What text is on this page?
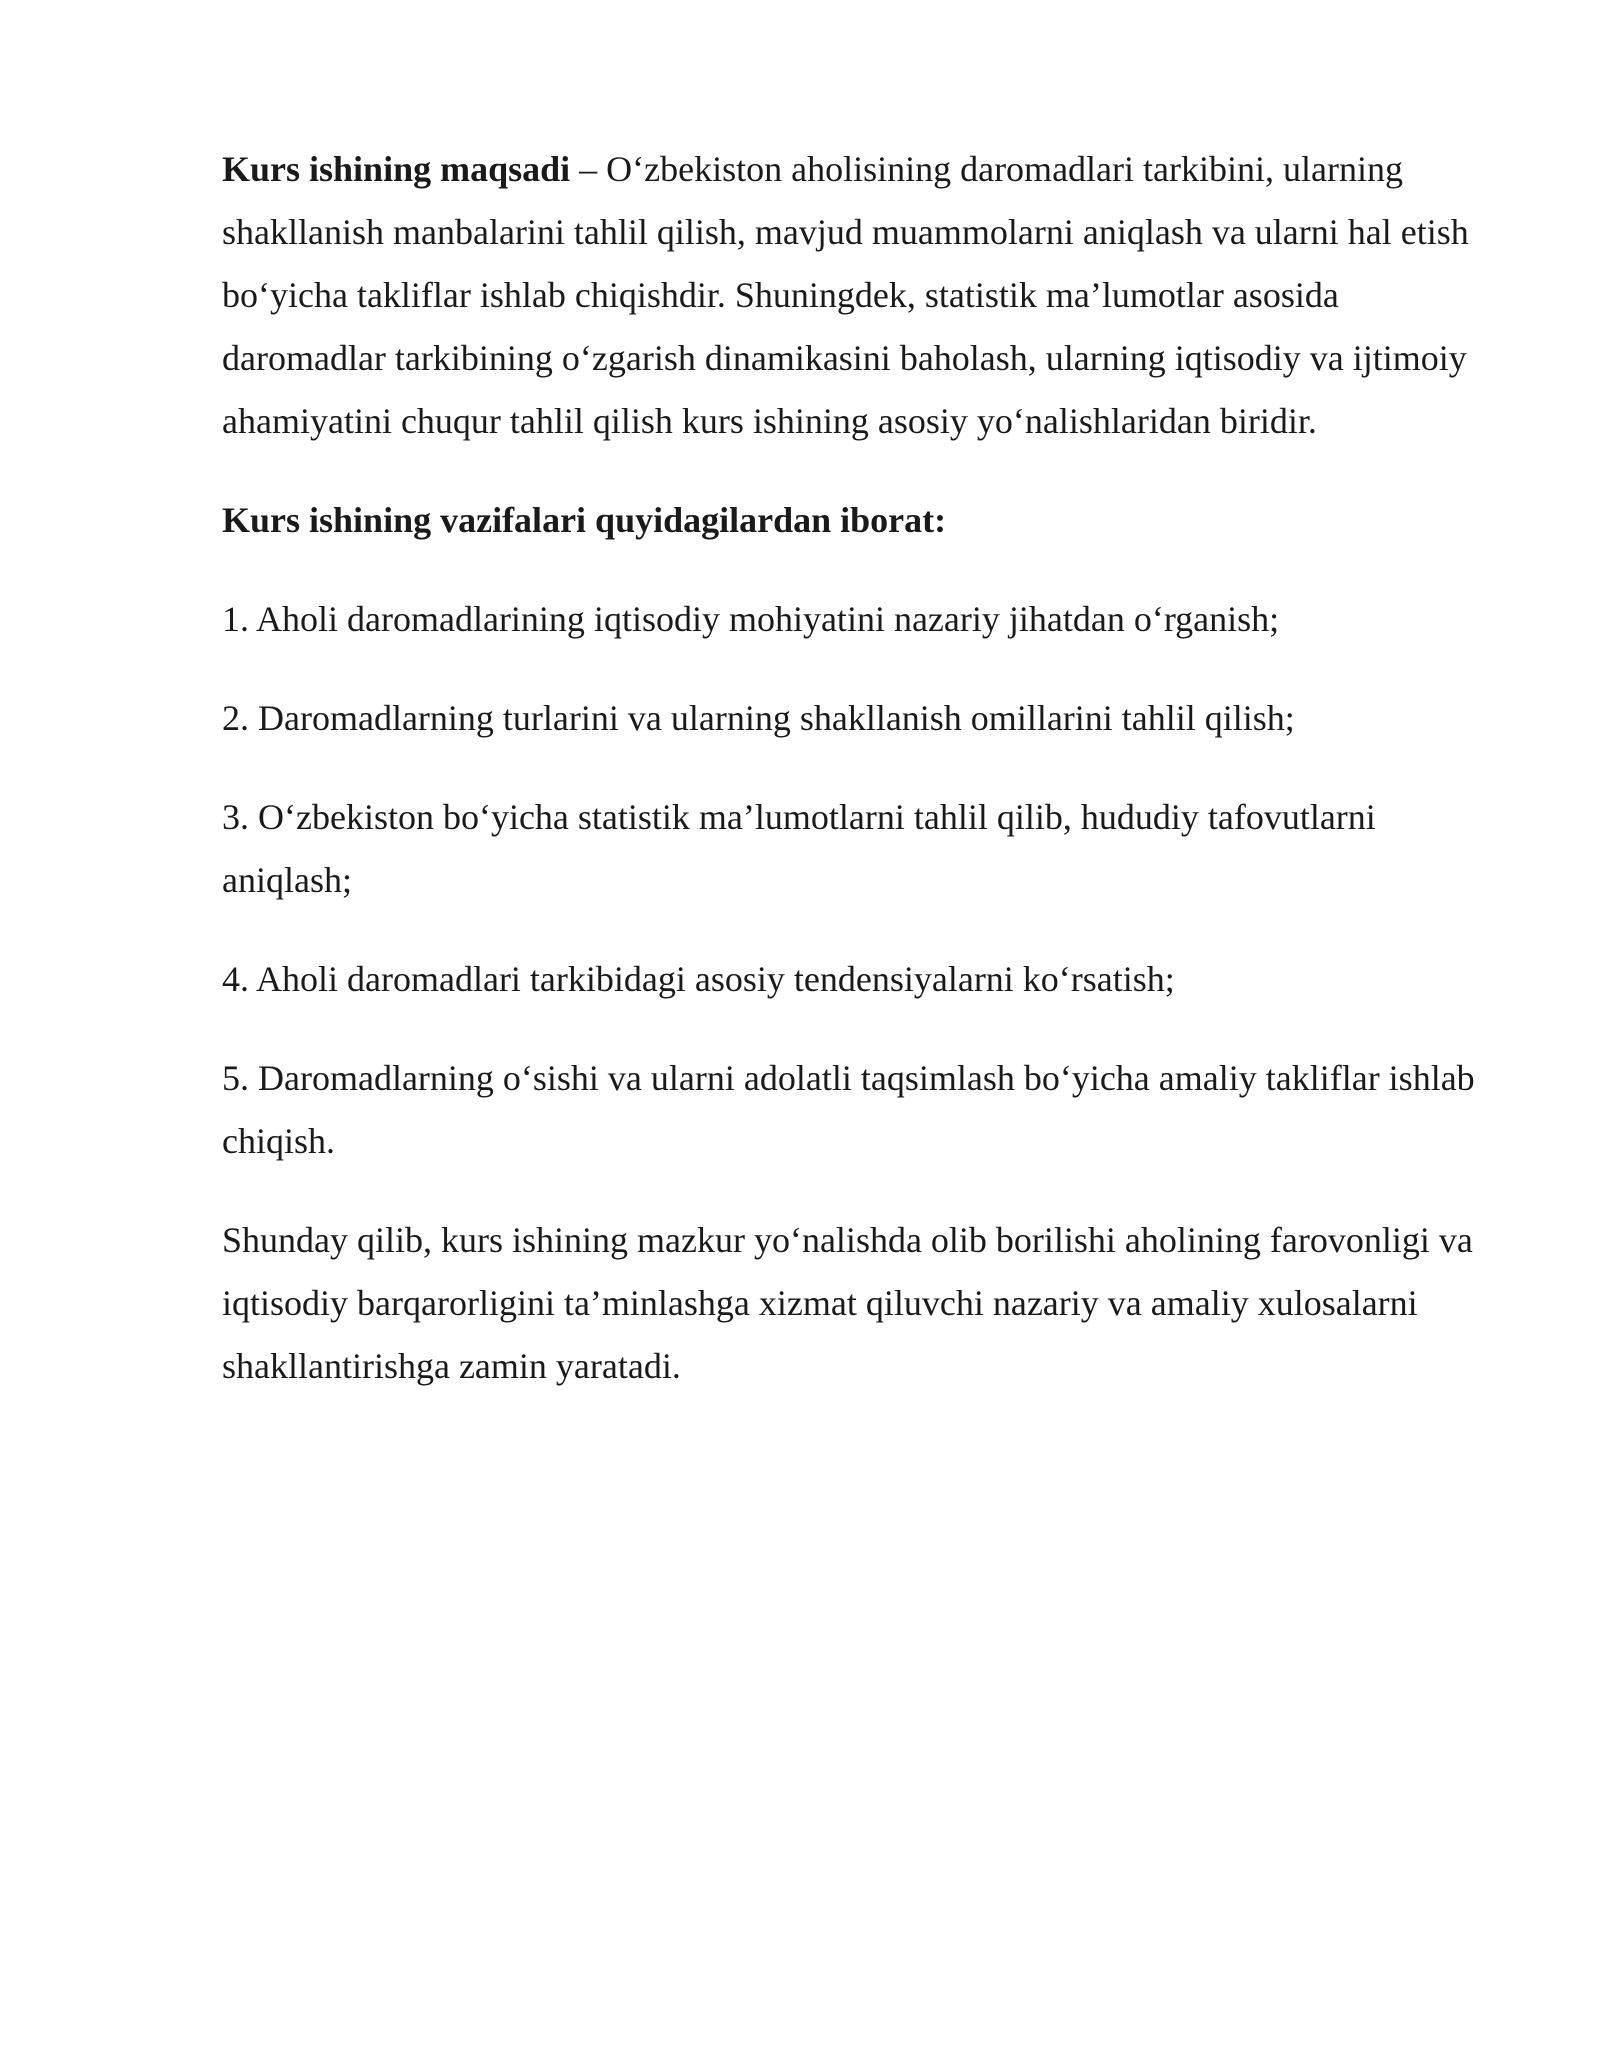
Kurs ishining maqsadi – O‘zbekiston aholisining daromadlari tarkibini, ularning shakllanish manbalarini tahlil qilish, mavjud muammolarni aniqlash va ularni hal etish bo‘yicha takliflar ishlab chiqishdir. Shuningdek, statistik ma’lumotlar asosida daromadlar tarkibining o‘zgarish dinamikasini baholash, ularning iqtisodiy va ijtimoiy ahamiyatini chuqur tahlil qilish kurs ishining asosiy yo‘nalishlaridan biridir.

Kurs ishining vazifalari quyidagilardan iborat:

1. Aholi daromadlarining iqtisodiy mohiyatini nazariy jihatdan o‘rganish;

2. Daromadlarning turlarini va ularning shakllanish omillarini tahlil qilish;

3. O‘zbekiston bo‘yicha statistik ma’lumotlarni tahlil qilib, hududiy tafovutlarni aniqlash;

4. Aholi daromadlari tarkibidagi asosiy tendensiyalarni ko‘rsatish;

5. Daromadlarning o‘sishi va ularni adolatli taqsimlash bo‘yicha amaliy takliflar ishlab chiqish.

Shunday qilib, kurs ishining mazkur yo‘nalishda olib borilishi aholining farovonligi va iqtisodiy barqarorligini ta’minlashga xizmat qiluvchi nazariy va amaliy xulosalarni shakllantirishga zamin yaratadi.
